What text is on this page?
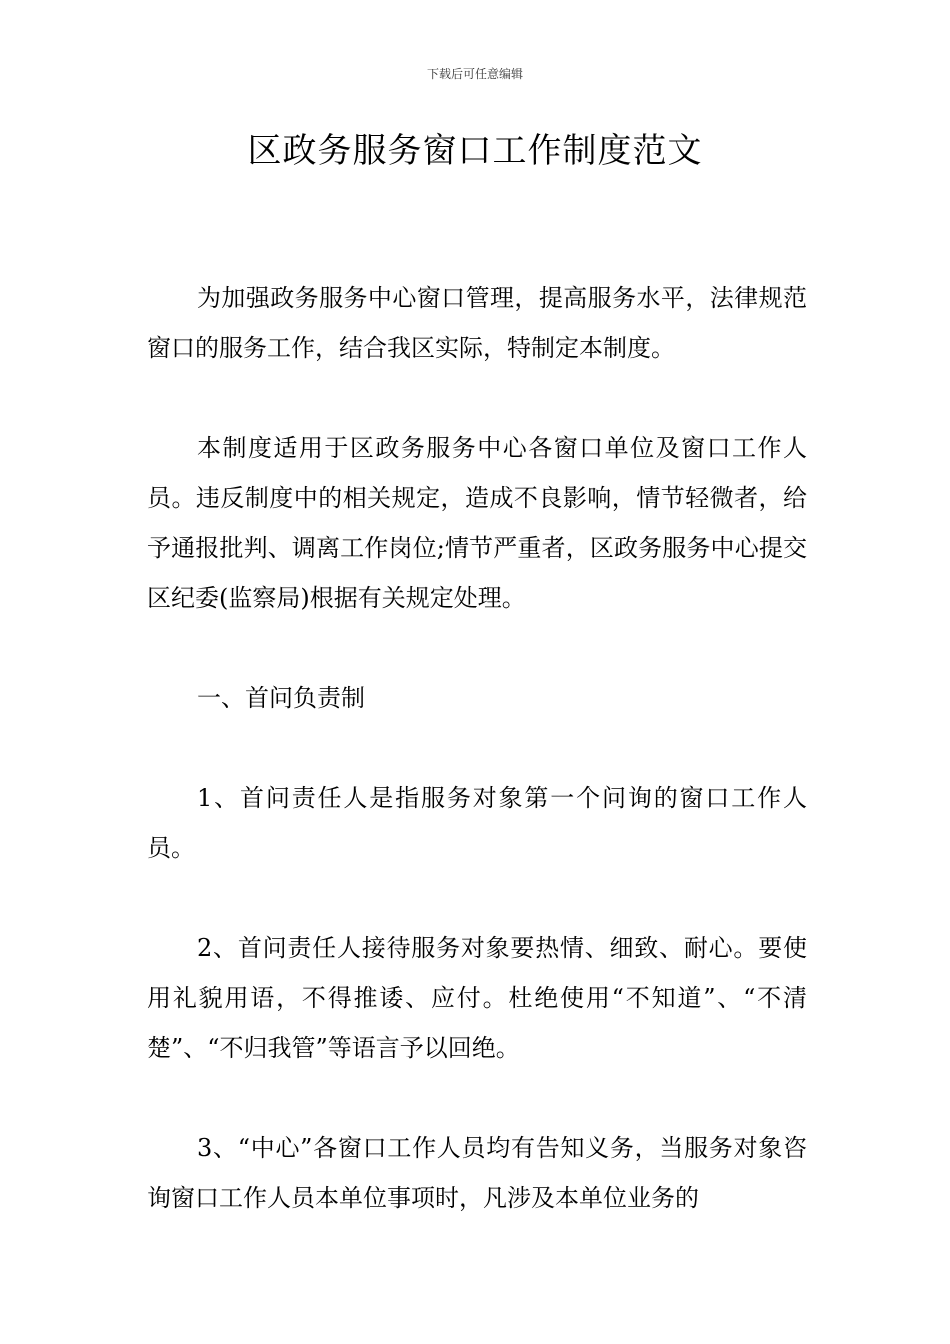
下载后可任意编辑
区政务服务窗口工作制度范文

为加强政务服务中心窗口管理，提高服务水平，法律规范窗口的服务工作，结合我区实际，特制定本制度。

本制度适用于区政务服务中心各窗口单位及窗口工作人员。违反制度中的相关规定，造成不良影响，情节轻微者，给予通报批判、调离工作岗位;情节严重者，区政务服务中心提交区纪委(监察局)根据有关规定处理。

一、首问负责制

1、首问责任人是指服务对象第一个问询的窗口工作人员。

2、首问责任人接待服务对象要热情、细致、耐心。要使用礼貌用语，不得推诿、应付。杜绝使用“不知道”、“不清楚”、“不归我管”等语言予以回绝。

3、“中心”各窗口工作人员均有告知义务，当服务对象咨询窗口工作人员本单位事项时，凡涉及本单位业务的
